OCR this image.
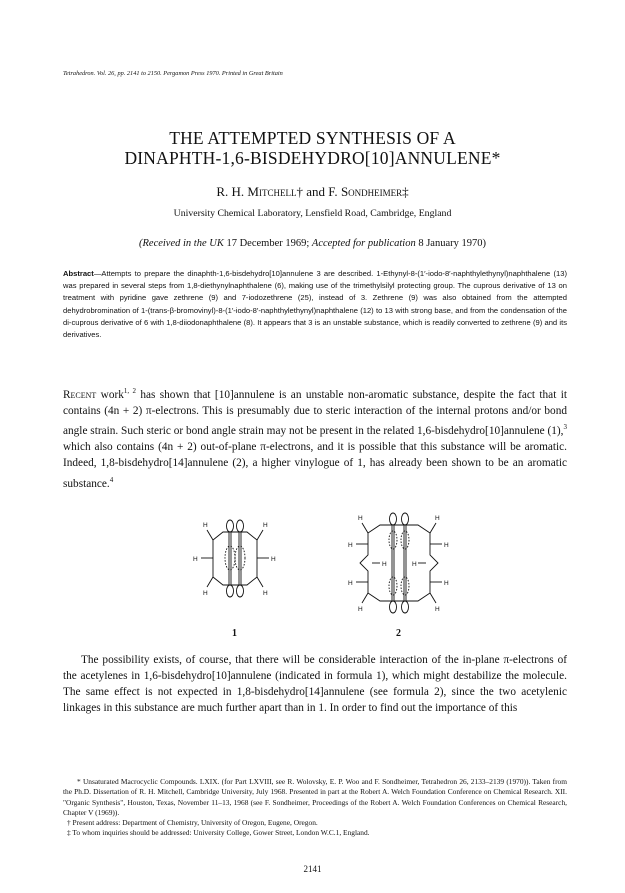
Tetrahedron. Vol. 26, pp. 2141 to 2150. Pergamon Press 1970. Printed in Great Britain
THE ATTEMPTED SYNTHESIS OF A
DINAPHTH-1,6-BISDEHYDRO[10]ANNULENE*
R. H. Mitchell† and F. Sondheimer‡
University Chemical Laboratory, Lensfield Road, Cambridge, England
(Received in the UK 17 December 1969; Accepted for publication 8 January 1970)
Abstract—Attempts to prepare the dinaphth-1,6-bisdehydro[10]annulene 3 are described. 1-Ethynyl-8-(1′-iodo-8′-naphthylethynyl)naphthalene (13) was prepared in several steps from 1,8-diethynylnaphthalene (6), making use of the trimethylsilyl protecting group. The cuprous derivative of 13 on treatment with pyridine gave zethrene (9) and 7-iodozethrene (25), instead of 3. Zethrene (9) was also obtained from the attempted dehydrobromination of 1-(trans-β-bromovinyl)-8-(1′-iodo-8′-naphthylethynyl)naphthalene (12) to 13 with strong base, and from the condensation of the di-cuprous derivative of 6 with 1,8-diiodonaphthalene (8). It appears that 3 is an unstable substance, which is readily converted to zethrene (9) and its derivatives.
Recent work$^{1, 2}$ has shown that [10]annulene is an unstable non-aromatic substance, despite the fact that it contains (4n + 2) π-electrons. This is presumably due to steric interaction of the internal protons and/or bond angle strain. Such steric or bond angle strain may not be present in the related 1,6-bisdehydro[10]annulene (1),$^3$ which also contains (4n + 2) out-of-plane π-electrons, and it is possible that this substance will be aromatic. Indeed, 1,8-bisdehydro[14]annulene (2), a higher vinylogue of 1, has already been shown to be an aromatic substance.$^4$
H	H
H	H
H	H
1
H	H
H	H
H	H
H	H
H	H
2
The possibility exists, of course, that there will be considerable interaction of the in-plane π-electrons of the acetylenes in 1,6-bisdehydro[10]annulene (indicated in formula 1), which might destabilize the molecule. The same effect is not expected in 1,8-bisdehydro[14]annulene (see formula 2), since the two acetylenic linkages in this substance are much further apart than in 1. In order to find out the importance of this

* Unsaturated Macrocyclic Compounds. LXIX. (for Part LXVIII, see R. Wolovsky, E. P. Woo and F. Sondheimer, Tetrahedron 26, 2133–2139 (1970)). Taken from the Ph.D. Dissertation of R. H. Mitchell, Cambridge University, July 1968. Presented in part at the Robert A. Welch Foundation Conference on Chemical Research. XII. "Organic Synthesis", Houston, Texas, November 11–13, 1968 (see F. Sondheimer, Proceedings of the Robert A. Welch Foundation Conferences on Chemical Research, Chapter V (1969)).

† Present address: Department of Chemistry, University of Oregon, Eugene, Oregon.

‡ To whom inquiries should be addressed: University College, Gower Street, London W.C.1, England.

2141
